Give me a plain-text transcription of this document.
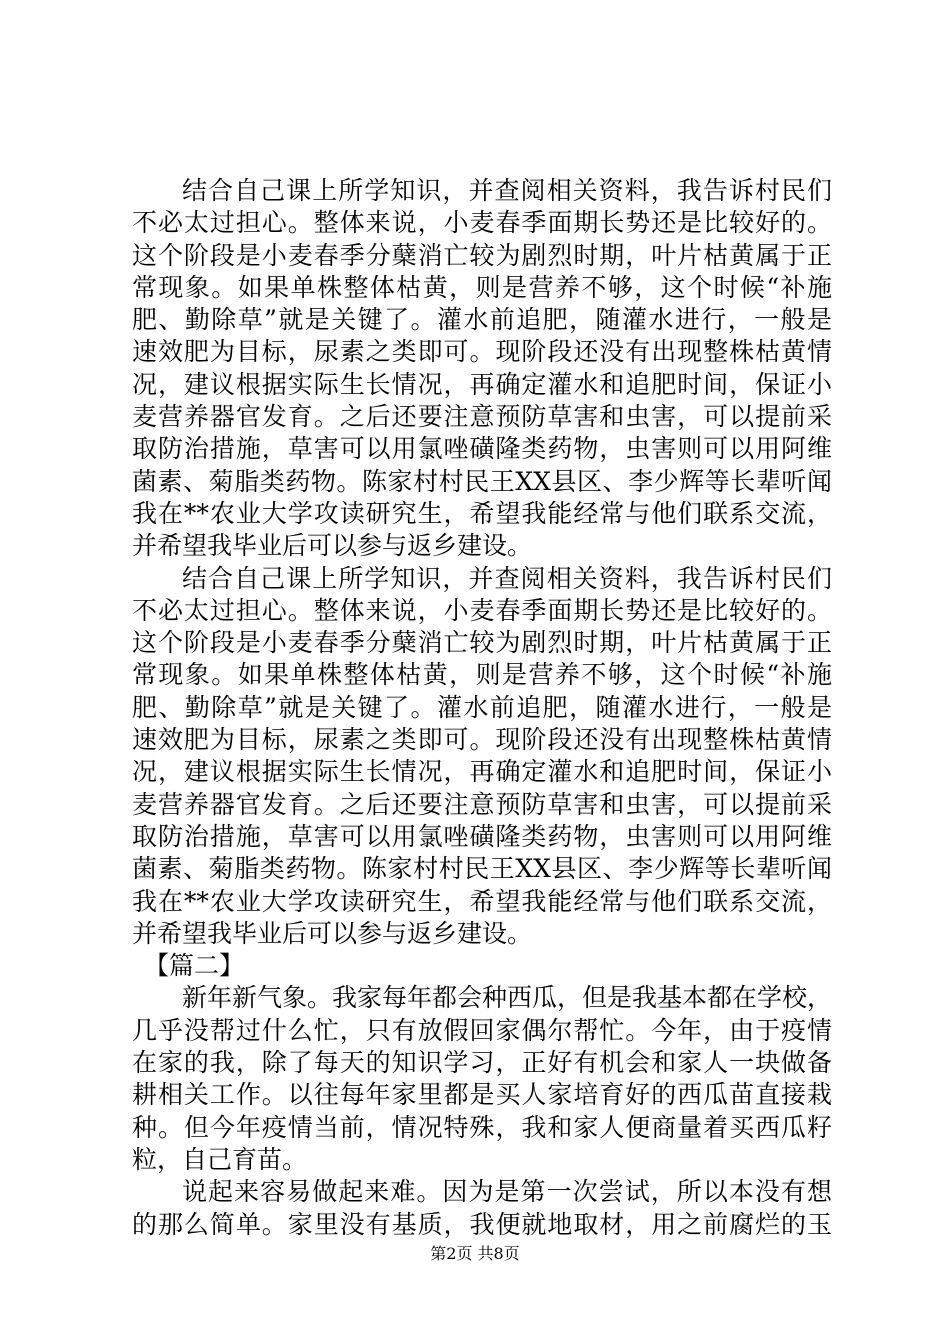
结合自己课上所学知识，并查阅相关资料，我告诉村民们
不必太过担心。整体来说，小麦春季面期长势还是比较好的。
这个阶段是小麦春季分蘖消亡较为剧烈时期，叶片枯黄属于正
常现象。如果单株整体枯黄，则是营养不够，这个时候“补施
肥、勤除草”就是关键了。灌水前追肥，随灌水进行，一般是
速效肥为目标，尿素之类即可。现阶段还没有出现整株枯黄情
况，建议根据实际生长情况，再确定灌水和追肥时间，保证小
麦营养器官发育。之后还要注意预防草害和虫害，可以提前采
取防治措施，草害可以用氯唑磺隆类药物，虫害则可以用阿维
菌素、菊脂类药物。陈家村村民王XX县区、李少辉等长辈听闻
我在**农业大学攻读研究生，希望我能经常与他们联系交流，
并希望我毕业后可以参与返乡建设。
结合自己课上所学知识，并查阅相关资料，我告诉村民们
不必太过担心。整体来说，小麦春季面期长势还是比较好的。
这个阶段是小麦春季分蘖消亡较为剧烈时期，叶片枯黄属于正
常现象。如果单株整体枯黄，则是营养不够，这个时候“补施
肥、勤除草”就是关键了。灌水前追肥，随灌水进行，一般是
速效肥为目标，尿素之类即可。现阶段还没有出现整株枯黄情
况，建议根据实际生长情况，再确定灌水和追肥时间，保证小
麦营养器官发育。之后还要注意预防草害和虫害，可以提前采
取防治措施，草害可以用氯唑磺隆类药物，虫害则可以用阿维
菌素、菊脂类药物。陈家村村民王XX县区、李少辉等长辈听闻
我在**农业大学攻读研究生，希望我能经常与他们联系交流，
并希望我毕业后可以参与返乡建设。
【篇二】
新年新气象。我家每年都会种西瓜，但是我基本都在学校，
几乎没帮过什么忙，只有放假回家偶尔帮忙。今年，由于疫情
在家的我，除了每天的知识学习，正好有机会和家人一块做备
耕相关工作。以往每年家里都是买人家培育好的西瓜苗直接栽
种。但今年疫情当前，情况特殊，我和家人便商量着买西瓜籽
粒，自己育苗。
说起来容易做起来难。因为是第一次尝试，所以本没有想
的那么简单。家里没有基质，我便就地取材，用之前腐烂的玉
第2页 共8页
